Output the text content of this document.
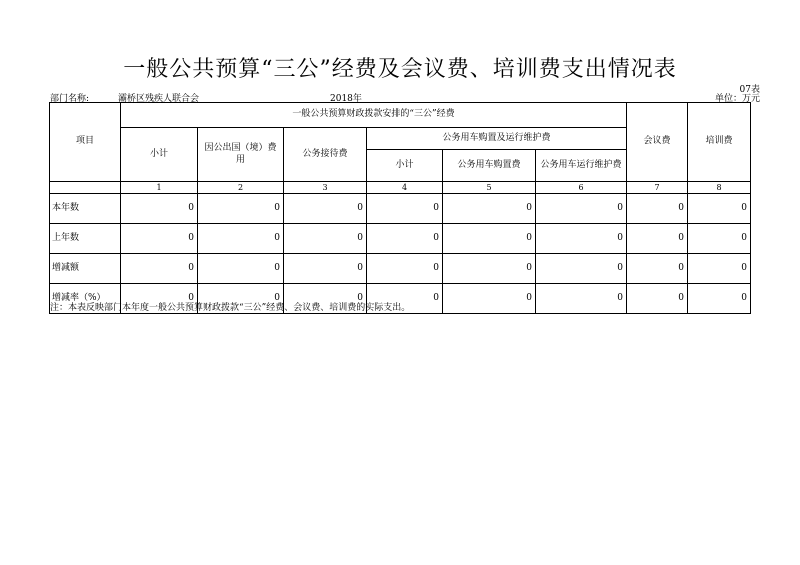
一般公共预算“三公”经费及会议费、培训费支出情况表
07表
部门名称:	灞桥区残疾人联合会	2018年	单位：万元
项目	一般公共预算财政拨款安排的“三公”经费						会议费	培训费
	小计	因公出国（境）费用	公务接待费	公务用车购置及运行维护费				
				小计	公务用车购置费	公务用车运行维护费		
	1	2	3	4	5	6	7	8
本年数	0	0	0	0	0	0	0	0
上年数	0	0	0	0	0	0	0	0
增减额	0	0	0	0	0	0	0	0
增减率（%）	0	0	0	0	0	0	0	0
注：本表反映部门本年度一般公共预算财政拨款“三公”经费、会议费、培训费的实际支出。
